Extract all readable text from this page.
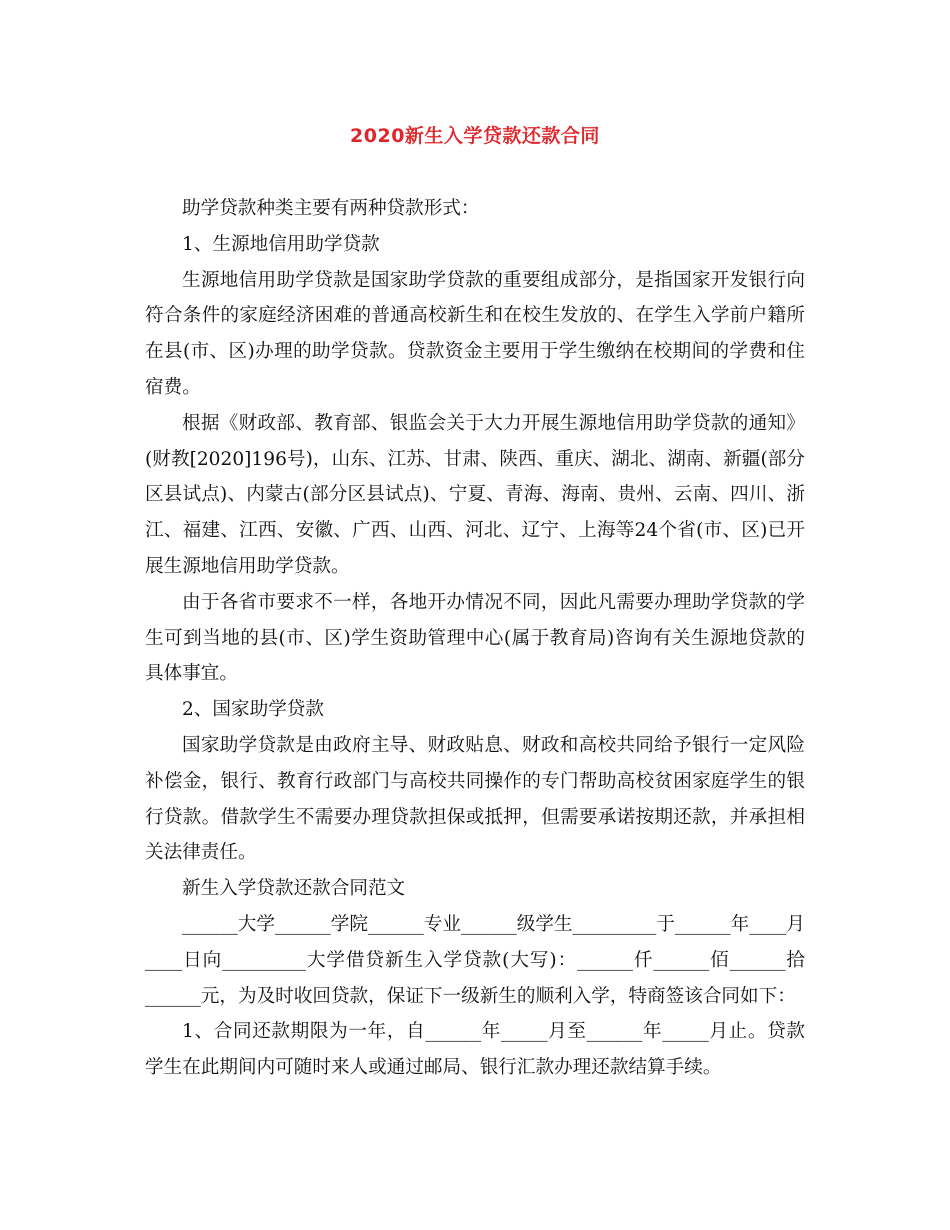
2020新生入学贷款还款合同

助学贷款种类主要有两种贷款形式：

1、生源地信用助学贷款

生源地信用助学贷款是国家助学贷款的重要组成部分，是指国家开发银行向符合条件的家庭经济困难的普通高校新生和在校生发放的、在学生入学前户籍所在县(市、区)办理的助学贷款。贷款资金主要用于学生缴纳在校期间的学费和住宿费。

根据《财政部、教育部、银监会关于大力开展生源地信用助学贷款的通知》(财教[2020]196号)，山东、江苏、甘肃、陕西、重庆、湖北、湖南、新疆(部分区县试点)、内蒙古(部分区县试点)、宁夏、青海、海南、贵州、云南、四川、浙江、福建、江西、安徽、广西、山西、河北、辽宁、上海等24个省(市、区)已开展生源地信用助学贷款。

由于各省市要求不一样，各地开办情况不同，因此凡需要办理助学贷款的学生可到当地的县(市、区)学生资助管理中心(属于教育局)咨询有关生源地贷款的具体事宜。

2、国家助学贷款

国家助学贷款是由政府主导、财政贴息、财政和高校共同给予银行一定风险补偿金，银行、教育行政部门与高校共同操作的专门帮助高校贫困家庭学生的银行贷款。借款学生不需要办理贷款担保或抵押，但需要承诺按期还款，并承担相关法律责任。

新生入学贷款还款合同范文

______大学______学院______专业______级学生_________于______年____月____日向_________大学借贷新生入学贷款(大写)：______仟______佰______拾______元，为及时收回贷款，保证下一级新生的顺利入学，特商签该合同如下：

1、合同还款期限为一年，自______年_____月至______年_____月止。贷款学生在此期间内可随时来人或通过邮局、银行汇款办理还款结算手续。
